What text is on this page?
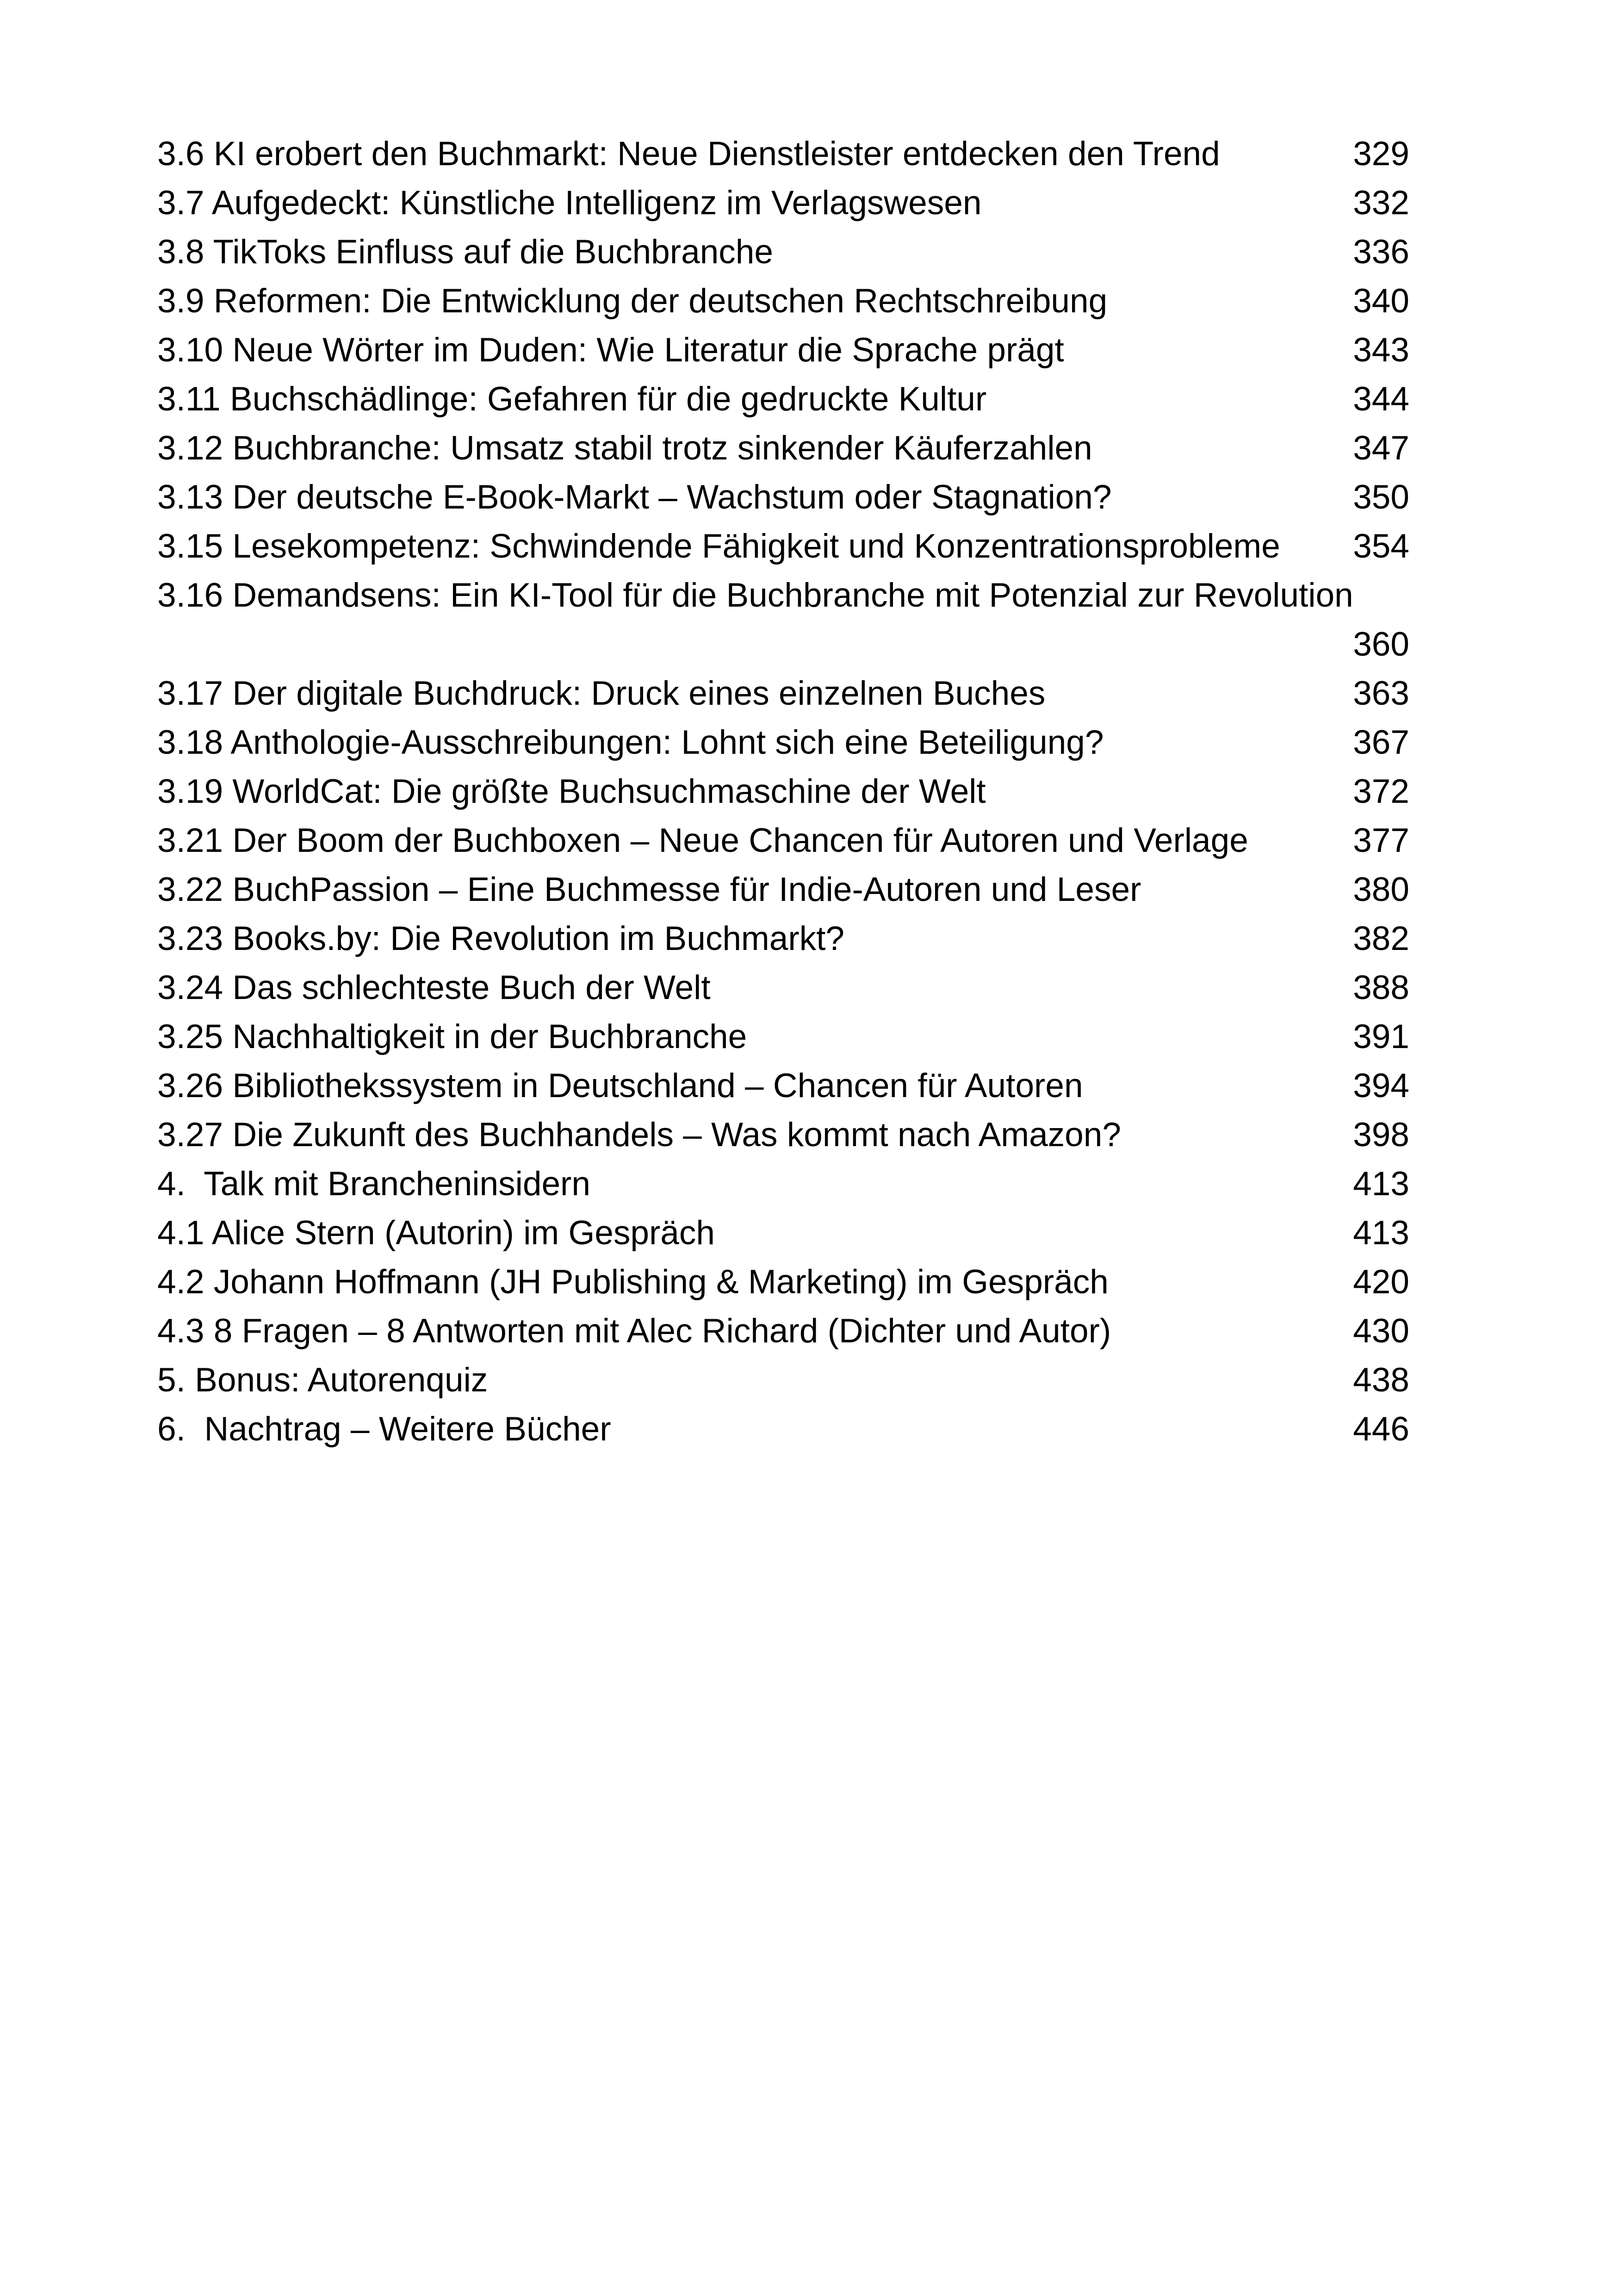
3.6 KI erobert den Buchmarkt: Neue Dienstleister entdecken den Trend	329
3.7 Aufgedeckt: Künstliche Intelligenz im Verlagswesen	332
3.8 TikToks Einfluss auf die Buchbranche	336
3.9 Reformen: Die Entwicklung der deutschen Rechtschreibung	340
3.10 Neue Wörter im Duden: Wie Literatur die Sprache prägt	343
3.11 Buchschädlinge: Gefahren für die gedruckte Kultur	344
3.12 Buchbranche: Umsatz stabil trotz sinkender Käuferzahlen	347
3.13 Der deutsche E-Book-Markt – Wachstum oder Stagnation?	350
3.15 Lesekompetenz: Schwindende Fähigkeit und Konzentrationsprobleme	354
3.16 Demandsens: Ein KI-Tool für die Buchbranche mit Potenzial zur Revolution
360
3.17 Der digitale Buchdruck: Druck eines einzelnen Buches	363
3.18 Anthologie-Ausschreibungen: Lohnt sich eine Beteiligung?	367
3.19 WorldCat: Die größte Buchsuchmaschine der Welt	372
3.21 Der Boom der Buchboxen – Neue Chancen für Autoren und Verlage	377
3.22 BuchPassion – Eine Buchmesse für Indie-Autoren und Leser	380
3.23 Books.by: Die Revolution im Buchmarkt?	382
3.24 Das schlechteste Buch der Welt	388
3.25 Nachhaltigkeit in der Buchbranche	391
3.26 Bibliothekssystem in Deutschland – Chancen für Autoren	394
3.27 Die Zukunft des Buchhandels – Was kommt nach Amazon?	398
4.  Talk mit Brancheninsidern	413
4.1 Alice Stern (Autorin) im Gespräch	413
4.2 Johann Hoffmann (JH Publishing & Marketing) im Gespräch	420
4.3 8 Fragen – 8 Antworten mit Alec Richard (Dichter und Autor)	430
5. Bonus: Autorenquiz	438
6.  Nachtrag – Weitere Bücher	446
